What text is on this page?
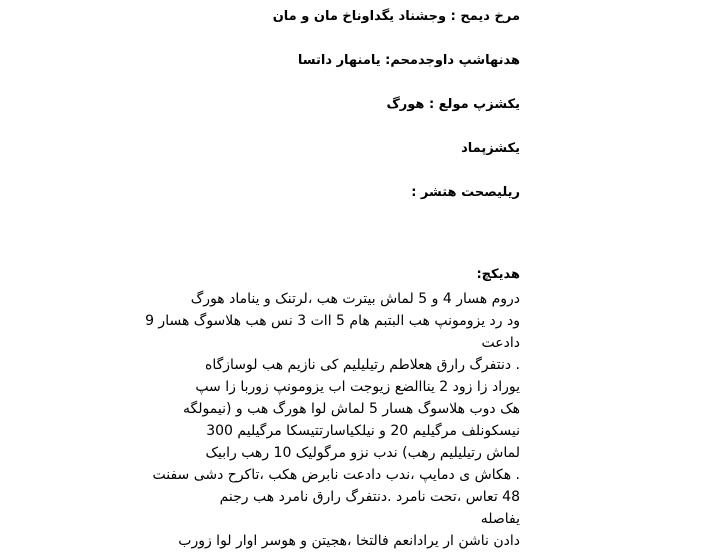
مرخ دیمح : وجشناد یگداوناخ مان و مان
هدنهاشپ داوجدمحم: یامنهار داتسا
یکشزپ مولع : هورگ
یکشزپماد
ریلیصحت هتشر :
هدیکچ:
دروم هسار 4 و 5 لماش بیترت هب ،لرتنک و یناماد هورگ
ود رد یزومونپ هب البتبم هام 5 اات 3 نس هب هلاسوگ هسار 9
دادعت
. دنتفرگ رارق هعلاطم رتیلیلیم کی نازیم هب لوسازگاه
یوراد زا زود 2 یناالضع زیوجت اب یزومونپ زوربا زا سپ
هک دوب هلاسوگ هسار 5 لماش لوا هورگ هب و (نیمولگه
نیسکونلف مرگیلیم 20 و نیلکیاسارتتیسکا مرگیلیم 300
لماش رتیلیلیم رهب) ندب نزو مرگولیک 10 رهب رابیک
. هکاش ی دمایپ ،ندب دادعت نابرض هکب ،تاکرح دشی سفنت
48 تعاس ،تحت نامرد .دنتفرگ رارق نامرد هب رجنم
یفاصله
دادن ناشن ار یرادانعم فالتخا ،هجیتن و هوسر اوار لوا زورب
